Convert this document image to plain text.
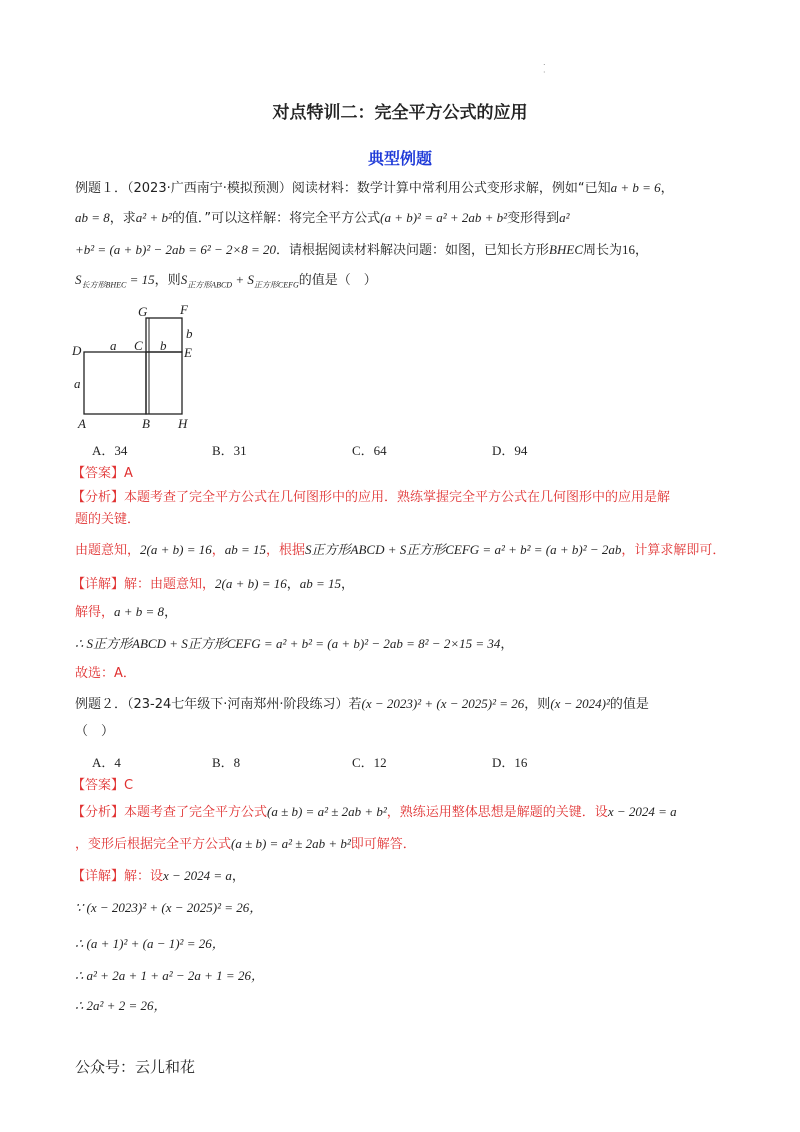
.
·
对点特训二：完全平方公式的应用
典型例题
例题１．（2023·广西南宁·模拟预测）阅读材料：数学计算中常利用公式变形求解，例如“已知a + b = 6，
ab = 8，求a² + b²的值．”可以这样解：将完全平方公式(a + b)² = a² + 2ab + b²变形得到a²
+b² = (a + b)² − 2ab = 6² − 2×8 = 20．请根据阅读材料解决问题：如图，已知长方形BHEC周长为16，
$S_{长方形BHEC} = 15$，则$S_{正方形ABCD} + S_{正方形CEFG}$的值是（　）
G	F
b
D a C b E
a
A	B H
A．34	B．31	C．64	D．94
【答案】A
【分析】本题考查了完全平方公式在几何图形中的应用．熟练掌握完全平方公式在几何图形中的应用是解
题的关键．
由题意知，2(a + b) = 16，ab = 15，根据S正方形ABCD + S正方形CEFG = a² + b² = (a + b)² − 2ab，计算求解即可．
【详解】解：由题意知，2(a + b) = 16，ab = 15，
解得，a + b = 8，
∴ S正方形ABCD + S正方形CEFG = a² + b² = (a + b)² − 2ab = 8² − 2×15 = 34，
故选：A．
例题２．（23-24七年级下·河南郑州·阶段练习）若(x − 2023)² + (x − 2025)² = 26，则(x − 2024)²的值是
（　）
A．4	B．8	C．12	D．16
【答案】C
【分析】本题考查了完全平方公式(a ± b) = a² ± 2ab + b²，熟练运用整体思想是解题的关键．设x − 2024 = a
，变形后根据完全平方公式(a ± b) = a² ± 2ab + b²即可解答．
【详解】解：设x − 2024 = a，
∵ (x − 2023)² + (x − 2025)² = 26，
∴ (a + 1)² + (a − 1)² = 26，
∴ a² + 2a + 1 + a² − 2a + 1 = 26，
∴ 2a² + 2 = 26，
公众号：云儿和花
